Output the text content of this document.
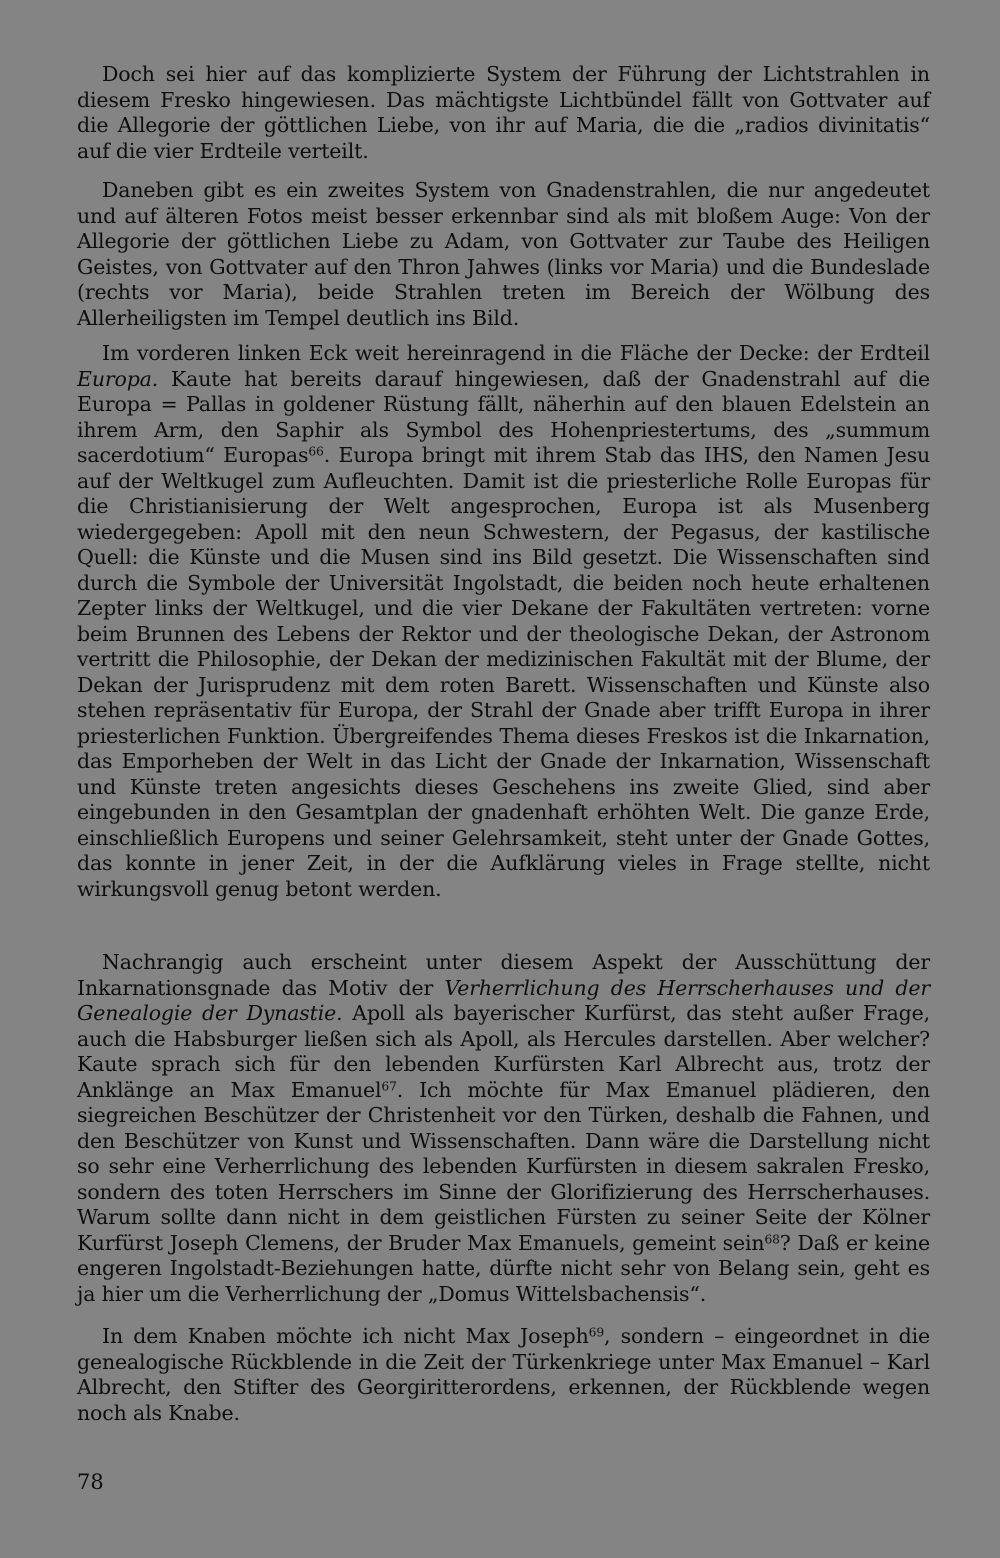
Doch sei hier auf das komplizierte System der Führung der Lichtstrahlen in diesem Fresko hingewiesen. Das mächtigste Lichtbündel fällt von Gottvater auf die Allegorie der göttlichen Liebe, von ihr auf Maria, die die „radios divinitatis“ auf die vier Erdteile verteilt.

Daneben gibt es ein zweites System von Gnadenstrahlen, die nur angedeutet und auf älteren Fotos meist besser erkennbar sind als mit bloßem Auge: Von der Allegorie der göttlichen Liebe zu Adam, von Gottvater zur Taube des Heiligen Geistes, von Gottvater auf den Thron Jahwes (links vor Maria) und die Bundeslade (rechts vor Maria), beide Strahlen treten im Bereich der Wölbung des Allerheiligsten im Tempel deutlich ins Bild.

Im vorderen linken Eck weit hereinragend in die Fläche der Decke: der Erdteil Europa. Kaute hat bereits darauf hingewiesen, daß der Gnadenstrahl auf die Europa = Pallas in goldener Rüstung fällt, näherhin auf den blauen Edelstein an ihrem Arm, den Saphir als Symbol des Hohenpriestertums, des „summum sacerdotium“ Europas$^{66}$. Europa bringt mit ihrem Stab das IHS, den Namen Jesu auf der Weltkugel zum Aufleuchten. Damit ist die priesterliche Rolle Europas für die Christianisierung der Welt angesprochen, Europa ist als Musenberg wiedergegeben: Apoll mit den neun Schwestern, der Pegasus, der kastilische Quell: die Künste und die Musen sind ins Bild gesetzt. Die Wissenschaften sind durch die Symbole der Universität Ingolstadt, die beiden noch heute erhaltenen Zepter links der Weltkugel, und die vier Dekane der Fakultäten vertreten: vorne beim Brunnen des Lebens der Rektor und der theologische Dekan, der Astronom vertritt die Philosophie, der Dekan der medizinischen Fakultät mit der Blume, der Dekan der Jurisprudenz mit dem roten Barett. Wissenschaften und Künste also stehen repräsentativ für Europa, der Strahl der Gnade aber trifft Europa in ihrer priesterlichen Funktion. Übergreifendes Thema dieses Freskos ist die Inkarnation, das Emporheben der Welt in das Licht der Gnade der Inkarnation, Wissenschaft und Künste treten angesichts dieses Geschehens ins zweite Glied, sind aber eingebunden in den Gesamtplan der gnadenhaft erhöhten Welt. Die ganze Erde, einschließlich Europens und seiner Gelehrsamkeit, steht unter der Gnade Gottes, das konnte in jener Zeit, in der die Aufklärung vieles in Frage stellte, nicht wirkungsvoll genug betont werden.

Nachrangig auch erscheint unter diesem Aspekt der Ausschüttung der Inkarnationsgnade das Motiv der Verherrlichung des Herrscherhauses und der Genealogie der Dynastie. Apoll als bayerischer Kurfürst, das steht außer Frage, auch die Habsburger ließen sich als Apoll, als Hercules darstellen. Aber welcher? Kaute sprach sich für den lebenden Kurfürsten Karl Albrecht aus, trotz der Anklänge an Max Emanuel$^{67}$. Ich möchte für Max Emanuel plädieren, den siegreichen Beschützer der Christenheit vor den Türken, deshalb die Fahnen, und den Beschützer von Kunst und Wissenschaften. Dann wäre die Darstellung nicht so sehr eine Verherrlichung des lebenden Kurfürsten in diesem sakralen Fresko, sondern des toten Herrschers im Sinne der Glorifizierung des Herrscherhauses. Warum sollte dann nicht in dem geistlichen Fürsten zu seiner Seite der Kölner Kurfürst Joseph Clemens, der Bruder Max Emanuels, gemeint sein$^{68}$? Daß er keine engeren Ingolstadt-Beziehungen hatte, dürfte nicht sehr von Belang sein, geht es ja hier um die Verherrlichung der „Domus Wittelsbachensis“.

In dem Knaben möchte ich nicht Max Joseph$^{69}$, sondern – eingeordnet in die genealogische Rückblende in die Zeit der Türkenkriege unter Max Emanuel – Karl Albrecht, den Stifter des Georgiritterordens, erkennen, der Rückblende wegen noch als Knabe.

78
